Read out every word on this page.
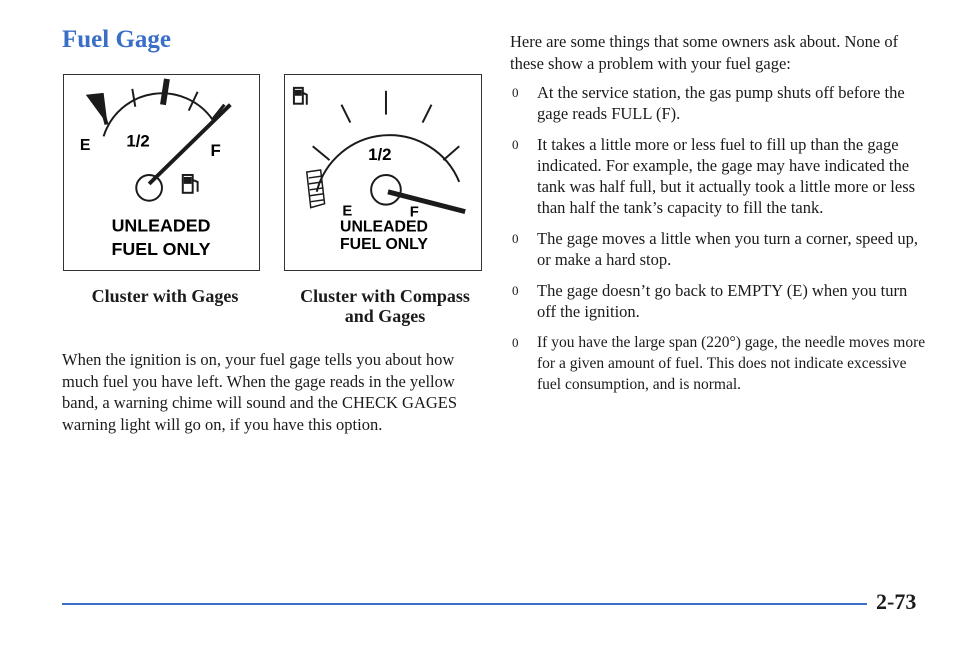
Fuel Gage
E 1/2
F
UNLEADED
FUEL ONLY
1/2
E	F
UNLEADED
FUEL ONLY
Cluster with Gages	Cluster with Compass
and Gages

When the ignition is on, your fuel gage tells you about how much fuel you have left. When the gage reads in the yellow band, a warning chime will sound and the CHECK GAGES warning light will go on, if you have this option.

Here are some things that some owners ask about. None of these show a problem with your fuel gage:

0 At the service station, the gas pump shuts off before the gage reads FULL (F).
0 It takes a little more or less fuel to fill up than the gage indicated. For example, the gage may have indicated the tank was half full, but it actually took a little more or less than half the tank’s capacity to fill the tank.
0 The gage moves a little when you turn a corner, speed up, or make a hard stop.
0 The gage doesn’t go back to EMPTY (E) when you turn off the ignition.
0 If you have the large span (220°) gage, the needle moves more for a given amount of fuel. This does not indicate excessive fuel consumption, and is normal.
2-73
